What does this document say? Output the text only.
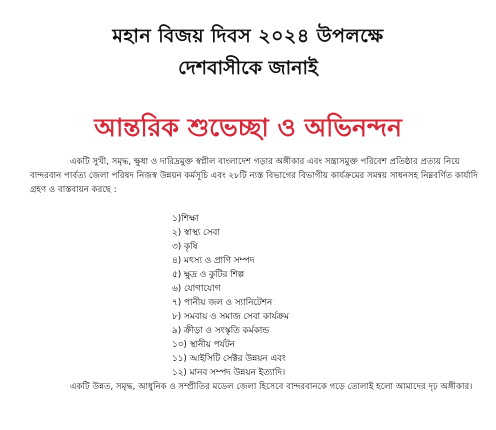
মহান বিজয় দিবস ২০২৪ উপলক্ষে
দেশবাসীকে জানাই
আন্তরিক শুভেচ্ছা ও অভিনন্দন
একটি সুখী, সমৃদ্ধ, ক্ষুধা ও দারিদ্রমুক্ত স্বপ্নীল বাংলাদেশ গড়ার অঙ্গীকার এবং সন্ত্রাসমুক্ত পরিবেশ প্রতিষ্ঠার প্রত্যয় নিয়ে বান্দরবান পার্বত্য জেলা পরিষদ নিজস্ব উন্নয়ন কর্মসূচি এবং ২৮টি ন্যস্ত বিভাগের বিভাগীয় কার্যক্রমের সমন্বয় সাধনসহ নিম্নবর্ণিত কার্যাদি গ্রহণ ও বাস্তবায়ন করছে :
১)শিক্ষা
২) স্বাস্থ্য সেবা
৩) কৃষি
৪) মৎস্য ও প্রাণি সম্পদ
৫) ক্ষুদ্র ও কুটির শিল্প
৬) যোগাযোগ
৭) পানীয় জল ও স্যানিটেশন
৮) সমবায় ও সমাজ সেবা কার্যক্রম
৯) ক্রীড়া ও সংস্কৃতি কর্মকান্ড
১০) স্থানীয় পর্যটন
১১) আইসিটি সেক্টর উন্নয়ন এবং
১২) মানব সম্পদ উন্নয়ন ইত্যাদি।
একটি উন্নত, সমৃদ্ধ, আধুনিক ও সম্প্রীতির মডেল জেলা হিসেবে বান্দরবানকে গড়ে তোলাই হলো আমাদের দৃঢ় অঙ্গীকার।
